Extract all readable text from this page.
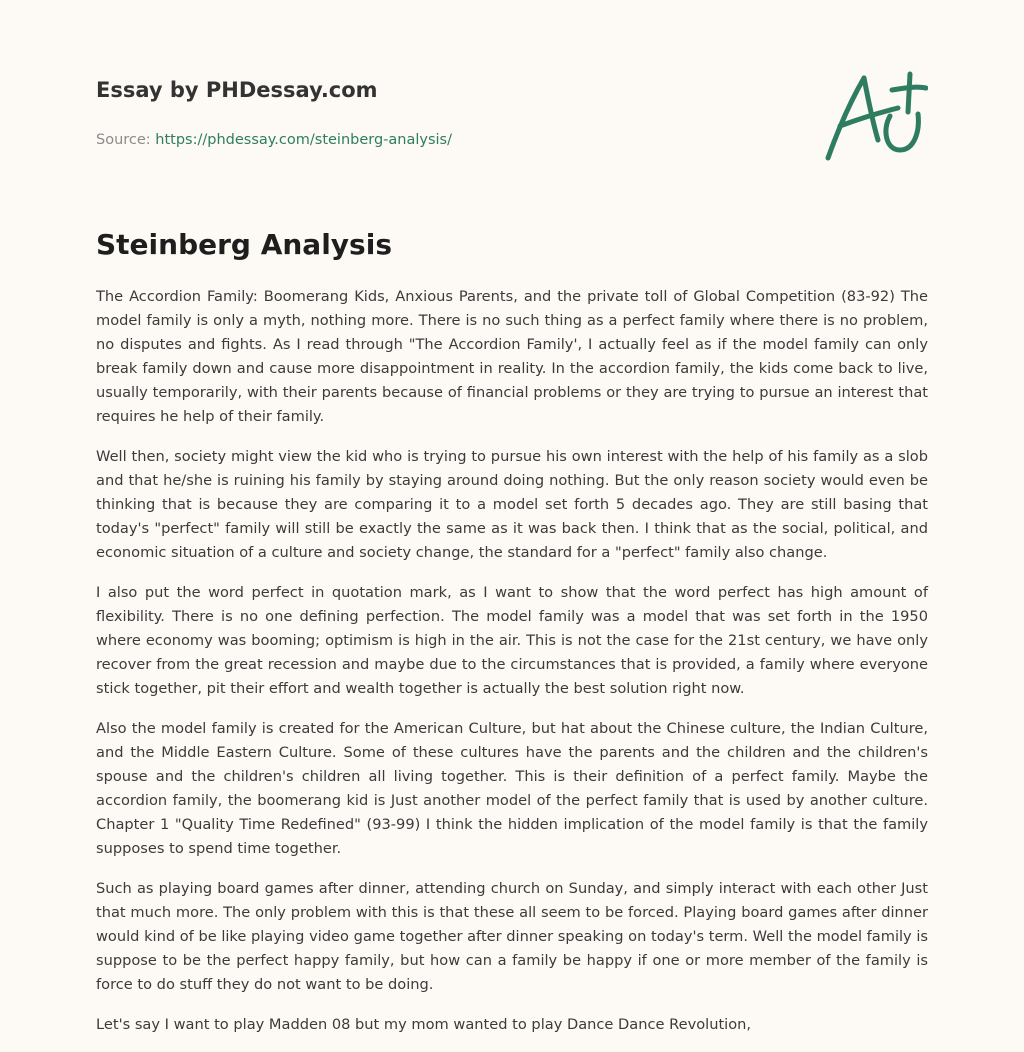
Essay by PHDessay.com
Source: https://phdessay.com/steinberg-analysis/
Steinberg Analysis

The Accordion Family: Boomerang Kids, Anxious Parents, and the private toll of Global Competition (83-92) The model family is only a myth, nothing more. There is no such thing as a perfect family where there is no problem, no disputes and fights. As I read through "The Accordion Family', I actually feel as if the model family can only break family down and cause more disappointment in reality. In the accordion family, the kids come back to live, usually temporarily, with their parents because of financial problems or they are trying to pursue an interest that requires he help of their family.

Well then, society might view the kid who is trying to pursue his own interest with the help of his family as a slob and that he/she is ruining his family by staying around doing nothing. But the only reason society would even be thinking that is because they are comparing it to a model set forth 5 decades ago. They are still basing that today's "perfect" family will still be exactly the same as it was back then. I think that as the social, political, and economic situation of a culture and society change, the standard for a "perfect" family also change.

I also put the word perfect in quotation mark, as I want to show that the word perfect has high amount of flexibility. There is no one defining perfection. The model family was a model that was set forth in the 1950 where economy was booming; optimism is high in the air. This is not the case for the 21st century, we have only recover from the great recession and maybe due to the circumstances that is provided, a family where everyone stick together, pit their effort and wealth together is actually the best solution right now.

Also the model family is created for the American Culture, but hat about the Chinese culture, the Indian Culture, and the Middle Eastern Culture. Some of these cultures have the parents and the children and the children's spouse and the children's children all living together. This is their definition of a perfect family. Maybe the accordion family, the boomerang kid is Just another model of the perfect family that is used by another culture. Chapter 1 "Quality Time Redefined" (93-99) I think the hidden implication of the model family is that the family supposes to spend time together.

Such as playing board games after dinner, attending church on Sunday, and simply interact with each other Just that much more. The only problem with this is that these all seem to be forced. Playing board games after dinner would kind of be like playing video game together after dinner speaking on today's term. Well the model family is suppose to be the perfect happy family, but how can a family be happy if one or more member of the family is force to do stuff they do not want to be doing.

Let's say I want to play Madden 08 but my mom wanted to play Dance Dance Revolution,
